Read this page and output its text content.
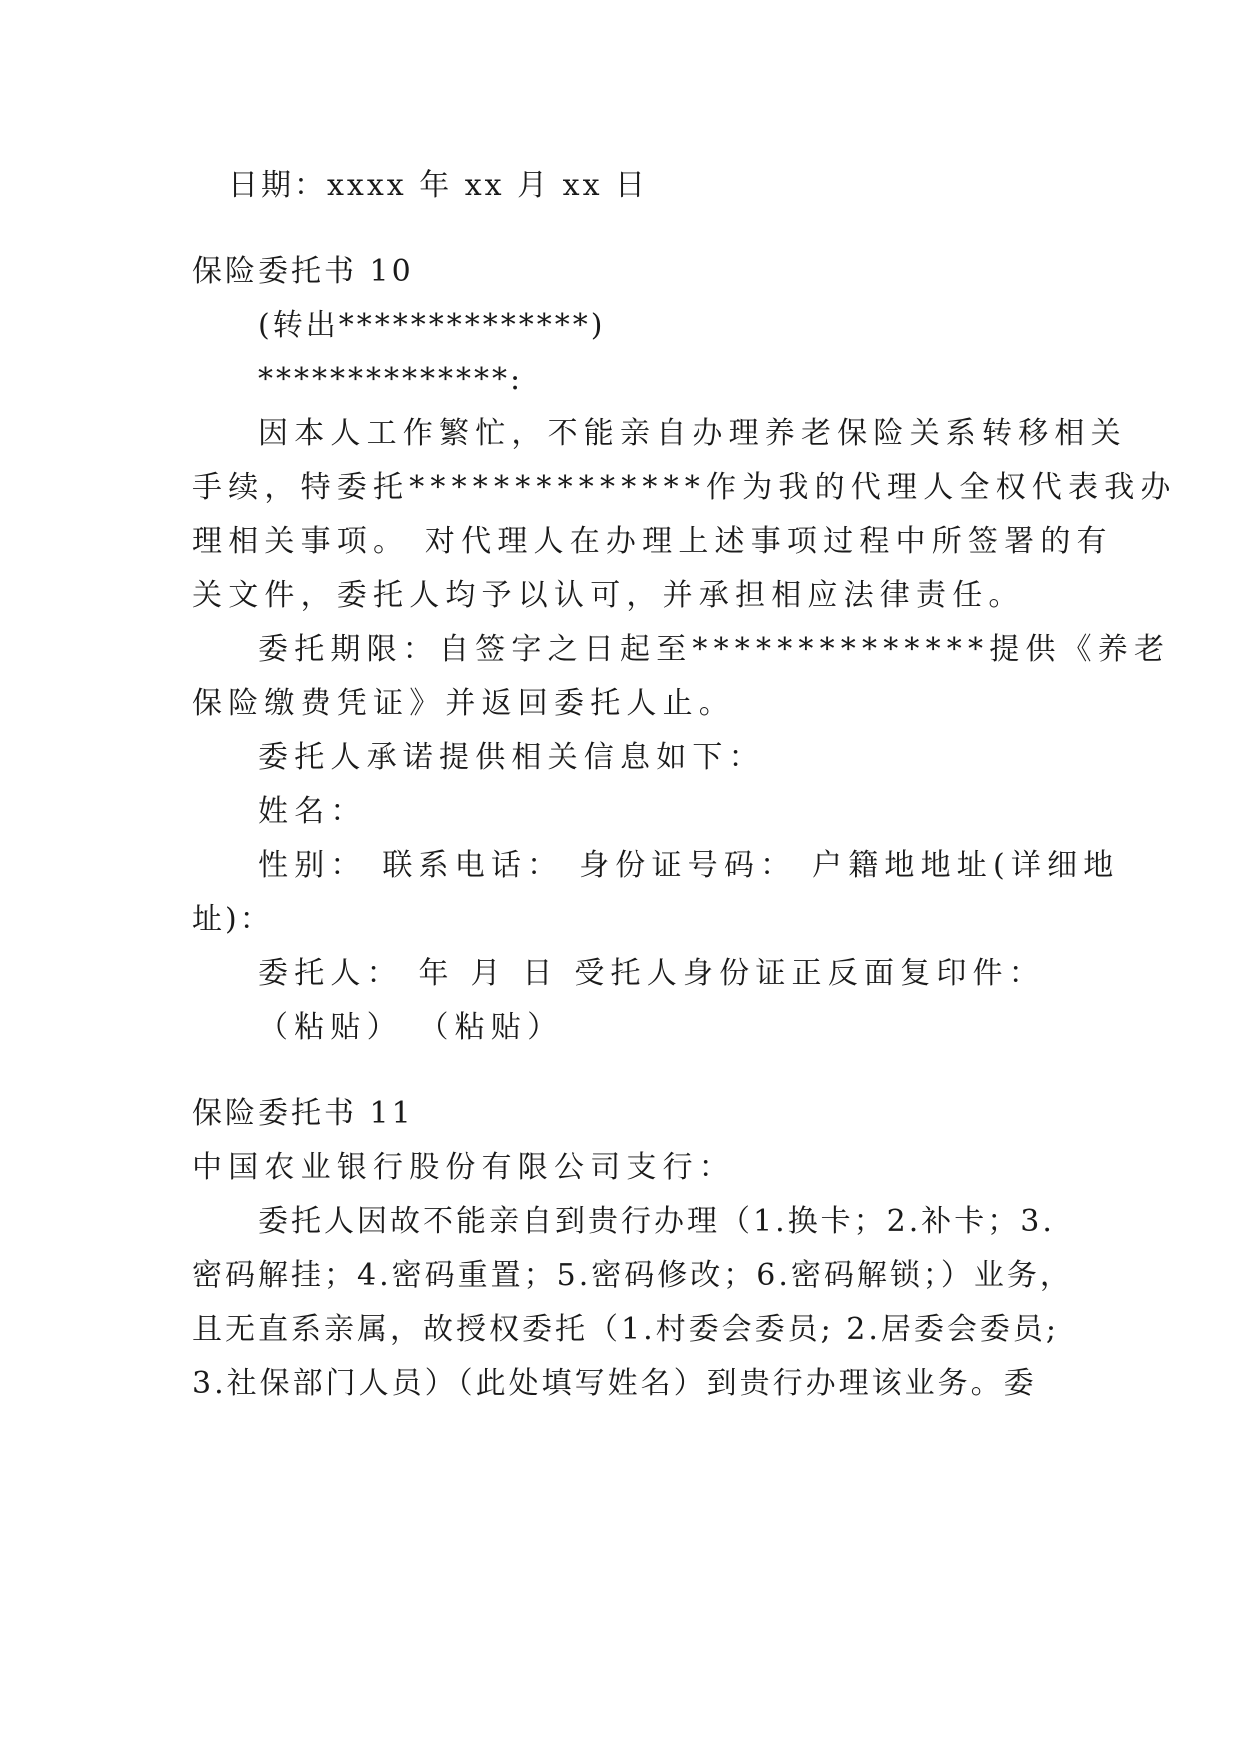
日期：xxxx 年 xx 月 xx 日
保险委托书 10
(转出**************)
**************:
因本人工作繁忙，不能亲自办理养老保险关系转移相关
手续，特委托**************作为我的代理人全权代表我办
理相关事项。 对代理人在办理上述事项过程中所签署的有
关文件，委托人均予以认可，并承担相应法律责任。
委托期限：自签字之日起至**************提供《养老
保险缴费凭证》并返回委托人止。
委托人承诺提供相关信息如下：
姓名：
性别： 联系电话： 身份证号码： 户籍地地址(详细地
址)：
委托人： 年 月 日 受托人身份证正反面复印件：
（粘贴） （粘贴）
保险委托书 11
中国农业银行股份有限公司支行：
委托人因故不能亲自到贵行办理（1.换卡；2.补卡；3.
密码解挂；4.密码重置；5.密码修改；6.密码解锁；）业务，
且无直系亲属，故授权委托（1.村委会委员; 2.居委会委员;
3.社保部门人员）（此处填写姓名）到贵行办理该业务。委
